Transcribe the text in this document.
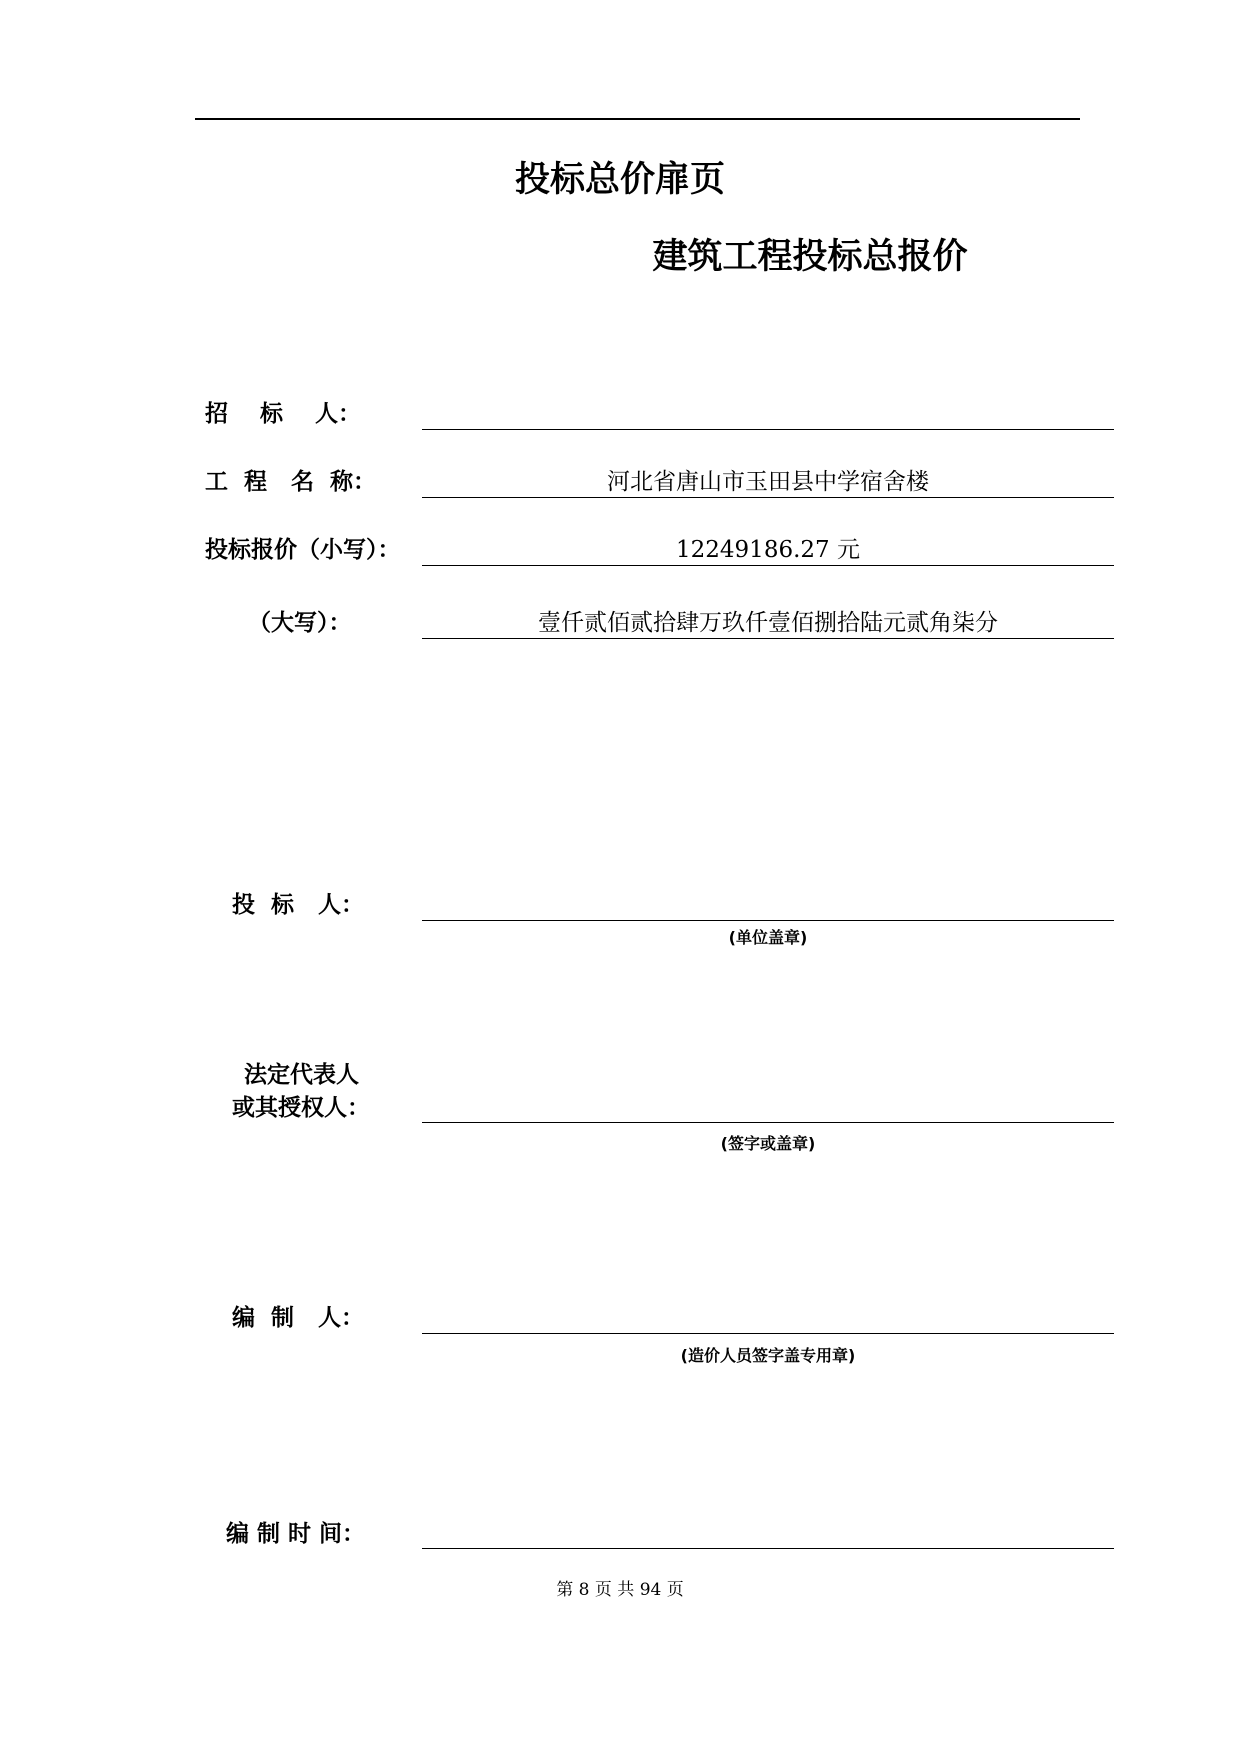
投标总价扉页
建筑工程投标总报价
招    标    人：
工  程   名  称：	河北省唐山市玉田县中学宿舍楼
投标报价（小写）：	12249186.27 元
（大写）：	壹仟贰佰贰拾肆万玖仟壹佰捌拾陆元贰角柒分
投  标   人：
(单位盖章)
法定代表人
或其授权人：
(签字或盖章)
编  制   人：
(造价人员签字盖专用章)
编 制 时 间：
第 8 页 共 94 页
